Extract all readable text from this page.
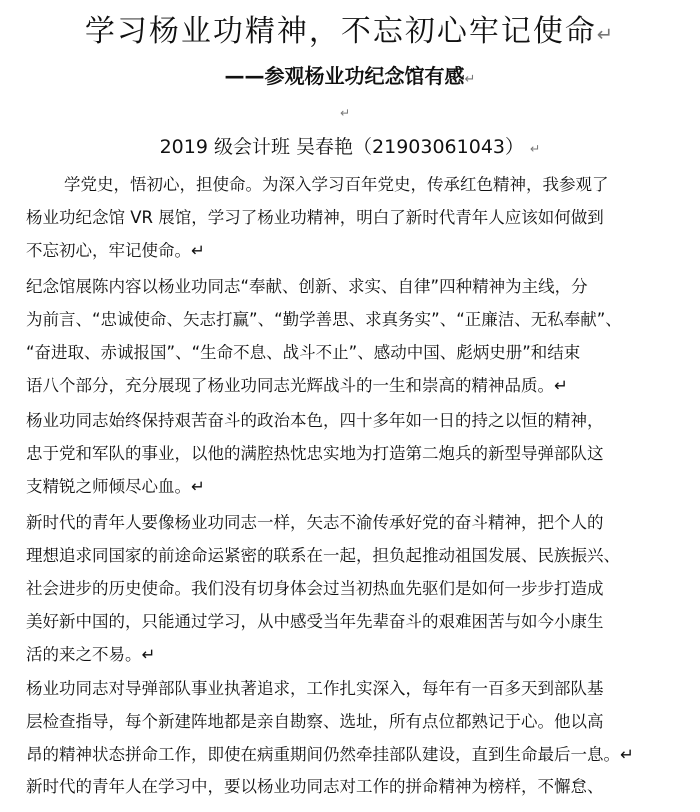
学习杨业功精神，不忘初心牢记使命↵
——参观杨业功纪念馆有感↵
↵
2019 级会计班 吴春艳（21903061043） ↵
学党史，悟初心，担使命。为深入学习百年党史，传承红色精神，我参观了
杨业功纪念馆 VR 展馆，学习了杨业功精神，明白了新时代青年人应该如何做到
不忘初心，牢记使命。↵
纪念馆展陈内容以杨业功同志“奉献、创新、求实、自律”四种精神为主线，分
为前言、“忠诚使命、矢志打赢”、“勤学善思、求真务实”、“正廉洁、无私奉献”、
“奋进取、赤诚报国”、“生命不息、战斗不止”、感动中国、彪炳史册”和结束
语八个部分，充分展现了杨业功同志光辉战斗的一生和崇高的精神品质。↵
杨业功同志始终保持艰苦奋斗的政治本色，四十多年如一日的持之以恒的精神，
忠于党和军队的事业，以他的满腔热忱忠实地为打造第二炮兵的新型导弹部队这
支精锐之师倾尽心血。↵
新时代的青年人要像杨业功同志一样，矢志不渝传承好党的奋斗精神，把个人的
理想追求同国家的前途命运紧密的联系在一起，担负起推动祖国发展、民族振兴、
社会进步的历史使命。我们没有切身体会过当初热血先驱们是如何一步步打造成
美好新中国的，只能通过学习，从中感受当年先辈奋斗的艰难困苦与如今小康生
活的来之不易。↵
杨业功同志对导弹部队事业执著追求，工作扎实深入，每年有一百多天到部队基
层检查指导，每个新建阵地都是亲自勘察、选址，所有点位都熟记于心。他以高
昂的精神状态拼命工作，即使在病重期间仍然牵挂部队建设，直到生命最后一息。↵
新时代的青年人在学习中，要以杨业功同志对工作的拼命精神为榜样，不懈怠、
